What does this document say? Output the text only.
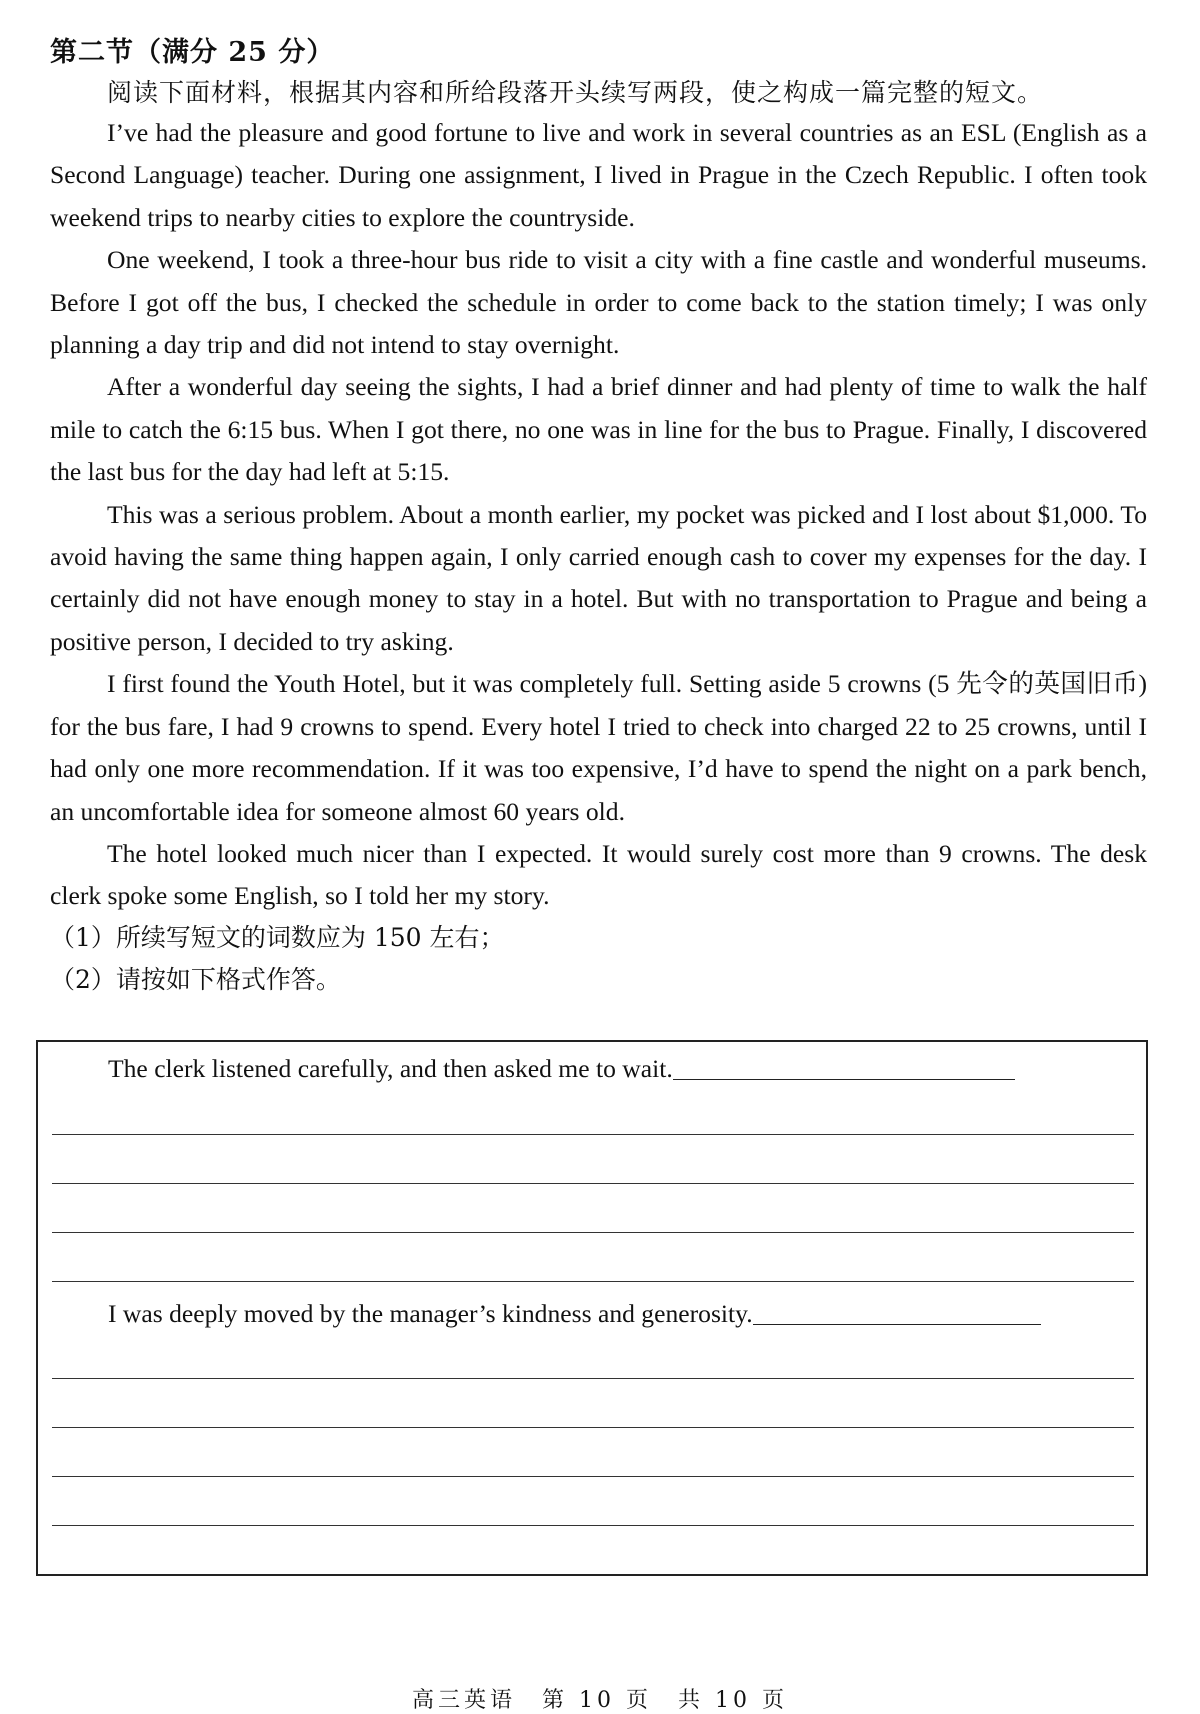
第二节（满分 25 分）
阅读下面材料，根据其内容和所给段落开头续写两段，使之构成一篇完整的短文。

I’ve had the pleasure and good fortune to live and work in several countries as an ESL (English as a Second Language) teacher. During one assignment, I lived in Prague in the Czech Republic. I often took weekend trips to nearby cities to explore the countryside.

One weekend, I took a three-hour bus ride to visit a city with a fine castle and wonderful museums. Before I got off the bus, I checked the schedule in order to come back to the station timely; I was only planning a day trip and did not intend to stay overnight.

After a wonderful day seeing the sights, I had a brief dinner and had plenty of time to walk the half mile to catch the 6:15 bus. When I got there, no one was in line for the bus to Prague. Finally, I discovered the last bus for the day had left at 5:15.

This was a serious problem. About a month earlier, my pocket was picked and I lost about $1,000. To avoid having the same thing happen again, I only carried enough cash to cover my expenses for the day. I certainly did not have enough money to stay in a hotel. But with no transportation to Prague and being a positive person, I decided to try asking.

I first found the Youth Hotel, but it was completely full. Setting aside 5 crowns (5 先令的英国旧币) for the bus fare, I had 9 crowns to spend. Every hotel I tried to check into charged 22 to 25 crowns, until I had only one more recommendation. If it was too expensive, I’d have to spend the night on a park bench, an uncomfortable idea for someone almost 60 years old.

The hotel looked much nicer than I expected. It would surely cost more than 9 crowns. The desk clerk spoke some English, so I told her my story.

（1）所续写短文的词数应为 150 左右；
（2）请按如下格式作答。
The clerk listened carefully, and then asked me to wait.
I was deeply moved by the manager’s kindness and generosity.
高三英语　第 10 页　共 10 页
